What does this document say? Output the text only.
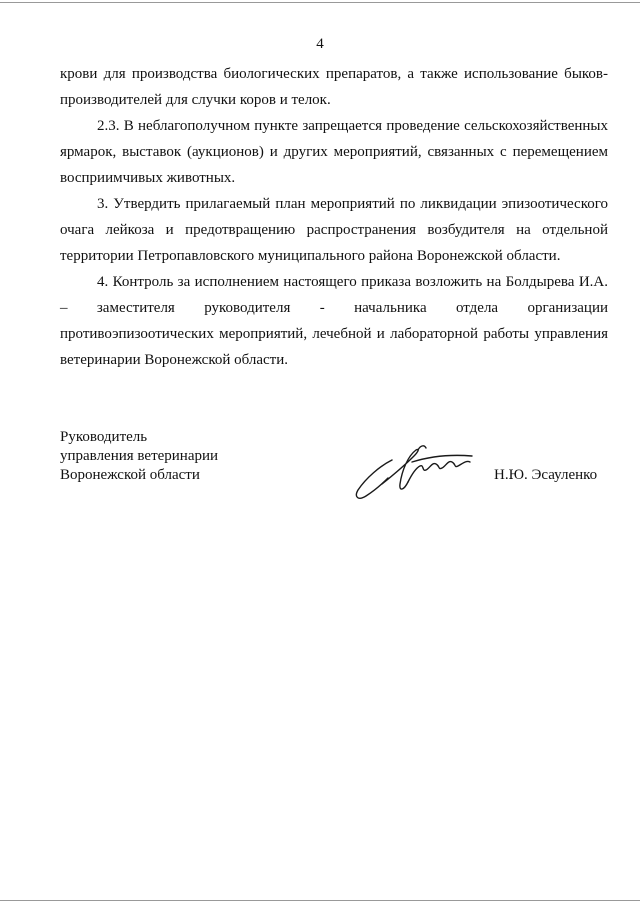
4

крови для производства биологических препаратов, а также использование быков-производителей для случки коров и телок.

2.3. В неблагополучном пункте запрещается проведение сельскохозяйственных ярмарок, выставок (аукционов) и других мероприятий, связанных с перемещением восприимчивых животных.

3. Утвердить прилагаемый план мероприятий по ликвидации эпизоотического очага лейкоза и предотвращению распространения возбудителя на отдельной территории Петропавловского муниципального района Воронежской области.

4. Контроль за исполнением настоящего приказа возложить на Болдырева И.А. – заместителя руководителя - начальника отдела организации противоэпизоотических мероприятий, лечебной и лабораторной работы управления ветеринарии Воронежской области.

Руководитель
управления ветеринарии
Воронежской области	Н.Ю. Эсауленко
